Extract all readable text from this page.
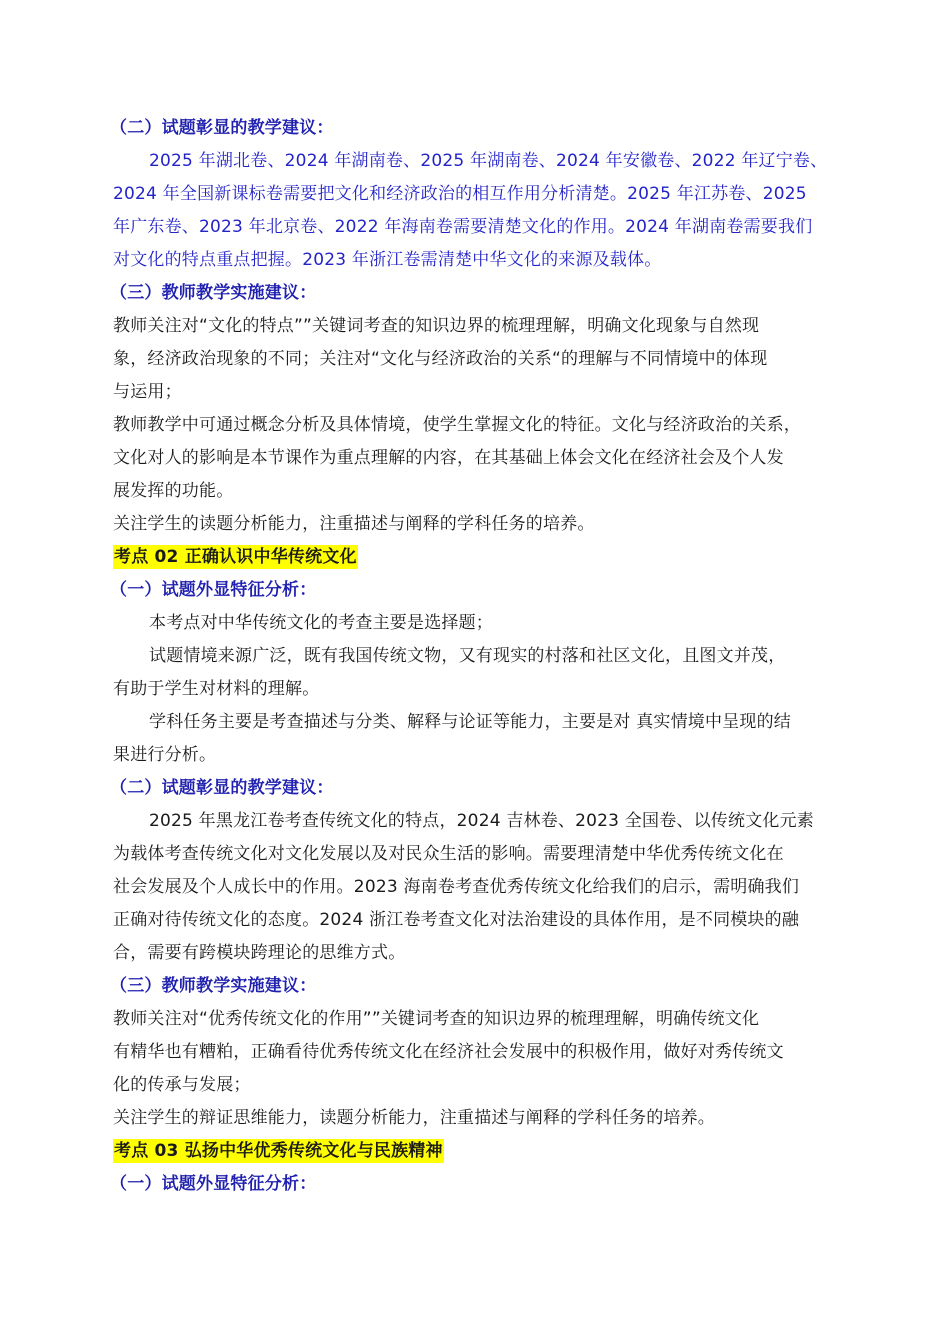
（二）试题彰显的教学建议：
2025 年湖北卷、2024 年湖南卷、2025 年湖南卷、2024 年安徽卷、2022 年辽宁卷、
2024 年全国新课标卷需要把文化和经济政治的相互作用分析清楚。2025 年江苏卷、2025
年广东卷、2023 年北京卷、2022 年海南卷需要清楚文化的作用。2024 年湖南卷需要我们
对文化的特点重点把握。2023 年浙江卷需清楚中华文化的来源及载体。
（三）教师教学实施建议：
教师关注对“文化的特点””关键词考查的知识边界的梳理理解，明确文化现象与自然现
象，经济政治现象的不同；关注对“文化与经济政治的关系“的理解与不同情境中的体现
与运用；
教师教学中可通过概念分析及具体情境，使学生掌握文化的特征。文化与经济政治的关系，
文化对人的影响是本节课作为重点理解的内容，在其基础上体会文化在经济社会及个人发
展发挥的功能。
关注学生的读题分析能力，注重描述与阐释的学科任务的培养。
考点 02 正确认识中华传统文化
（一）试题外显特征分析：
本考点对中华传统文化的考查主要是选择题；
试题情境来源广泛，既有我国传统文物，又有现实的村落和社区文化，且图文并茂，
有助于学生对材料的理解。
学科任务主要是考查描述与分类、解释与论证等能力，主要是对 真实情境中呈现的结
果进行分析。
（二）试题彰显的教学建议：
2025 年黑龙江卷考查传统文化的特点，2024 吉林卷、2023 全国卷、以传统文化元素
为载体考查传统文化对文化发展以及对民众生活的影响。需要理清楚中华优秀传统文化在
社会发展及个人成长中的作用。2023 海南卷考查优秀传统文化给我们的启示，需明确我们
正确对待传统文化的态度。2024 浙江卷考查文化对法治建设的具体作用，是不同模块的融
合，需要有跨模块跨理论的思维方式。
（三）教师教学实施建议：
教师关注对“优秀传统文化的作用””关键词考查的知识边界的梳理理解，明确传统文化
有精华也有糟粕，正确看待优秀传统文化在经济社会发展中的积极作用，做好对秀传统文
化的传承与发展；
关注学生的辩证思维能力，读题分析能力，注重描述与阐释的学科任务的培养。
考点 03 弘扬中华优秀传统文化与民族精神
（一）试题外显特征分析：
